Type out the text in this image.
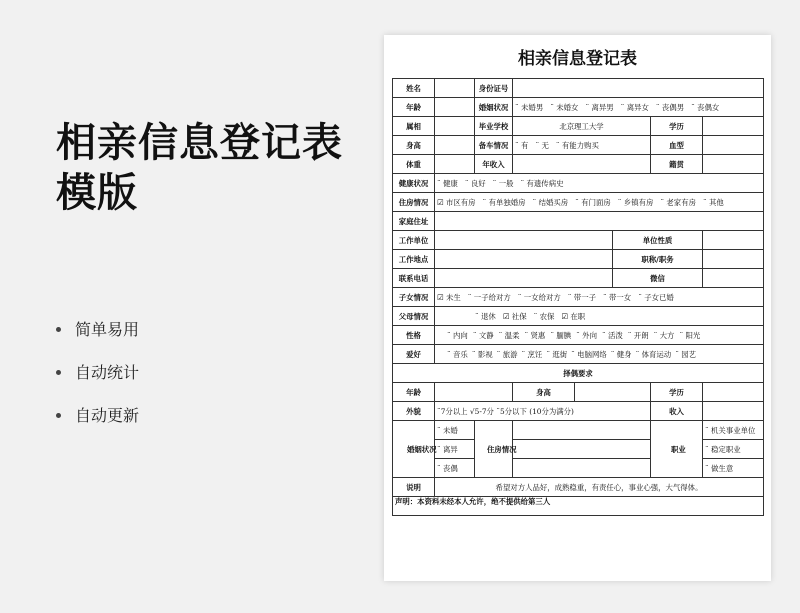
相亲信息登记表
模版
简单易用
自动统计
自动更新
相亲信息登记表
姓名		身份证号					
年龄		婚姻状况	¨ 未婚男 ¨ 未婚女 ¨ 离异男 ¨ 离异女 ¨ 丧偶男 ¨ 丧偶女				
属相		毕业学校	北京理工大学			学历	
身高		备车情况	¨ 有 ¨ 无 ¨ 有能力购买			血型	
体重		年收入				籍贯	
健康状况	¨ 健康 ¨ 良好 ¨ 一般 ¨ 有遗传病史						
住房情况	☑ 市区有房 ¨ 有单独婚房 ¨ 结婚买房 ¨ 有门面房 ¨ 乡镇有房 ¨ 老家有房 ¨ 其他						
家庭住址							
工作单位					单位性质		
工作地点					职称/职务		
联系电话					微信		
子女情况	☑ 未生 ¨ 一子给对方 ¨ 一女给对方 ¨ 带一子 ¨ 带一女 ¨ 子女已婚						
父母情况	¨ 退休 ☑ 社保 ¨ 农保 ☑ 在职						
性格	¨ 内向 ¨ 文静 ¨ 温柔 ¨ 贤惠 ¨ 腼腆 ¨ 外向 ¨ 活泼 ¨ 开朗 ¨ 大方 ¨ 阳光						
爱好	¨ 音乐 ¨ 影视 ¨ 旅游 ¨ 烹饪 ¨ 逛街 ¨ 电脑网络 ¨ 健身 ¨ 体育运动 ¨ 园艺						
择偶要求							
年龄			身高			学历	
外貌	¨7分以上 √5-7分 ¨5分以下 (10分为满分)					收入	
婚姻状况	¨ 未婚	住房情况				职业	¨ 机关事业单位
	¨ 离异						¨ 稳定职业
	¨ 丧偶						¨ 做生意
说明	希望对方人品好，成熟稳重，有责任心，事业心强，大气得体。						
声明：本资料未经本人允许，绝不提供给第三人							
